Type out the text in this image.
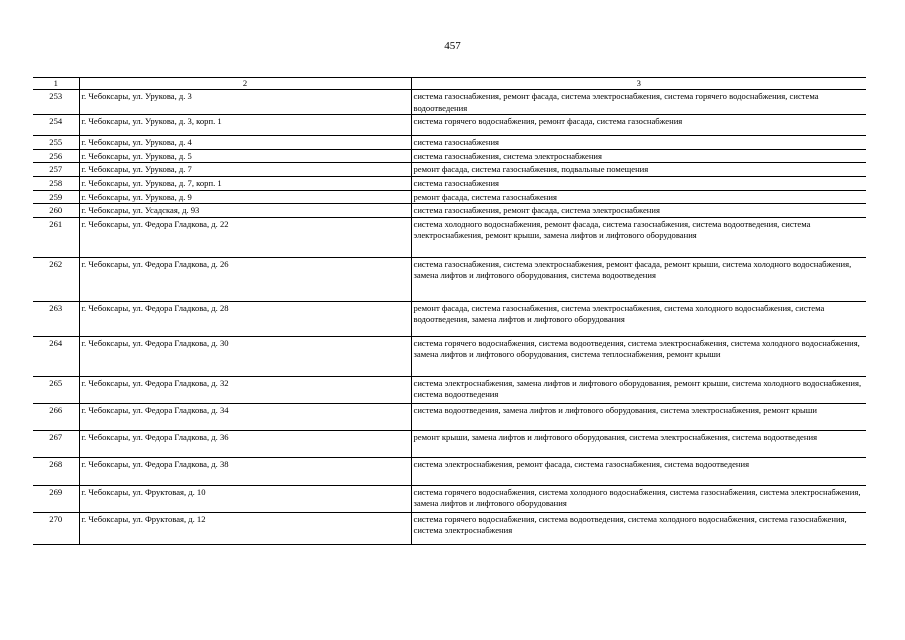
457
1	2	3
253	г. Чебоксары, ул. Урукова, д. 3	система газоснабжения, ремонт фасада, система электроснабжения, система горячего водоснабжения, система водоотведения
254	г. Чебоксары, ул. Урукова, д. 3, корп. 1	система горячего водоснабжения, ремонт фасада, система газоснабжения
255	г. Чебоксары, ул. Урукова, д. 4	система газоснабжения
256	г. Чебоксары, ул. Урукова, д. 5	система газоснабжения, система электроснабжения
257	г. Чебоксары, ул. Урукова, д. 7	ремонт фасада, система газоснабжения, подвальные помещения
258	г. Чебоксары, ул. Урукова, д. 7, корп. 1	система газоснабжения
259	г. Чебоксары, ул. Урукова, д. 9	ремонт фасада, система газоснабжения
260	г. Чебоксары, ул. Усадская, д. 93	система газоснабжения, ремонт фасада, система электроснабжения
261	г. Чебоксары, ул. Федора Гладкова, д. 22	система холодного водоснабжения, ремонт фасада, система газоснабжения, система водоотведения, система электроснабжения, ремонт крыши, замена лифтов и лифтового оборудования
262	г. Чебоксары, ул. Федора Гладкова, д. 26	система газоснабжения, система электроснабжения, ремонт фасада, ремонт крыши, система холодного водоснабжения, замена лифтов и лифтового оборудования, система водоотведения
263	г. Чебоксары, ул. Федора Гладкова, д. 28	ремонт фасада, система газоснабжения, система электроснабжения, система холодного водоснабжения, система водоотведения, замена лифтов и лифтового оборудования
264	г. Чебоксары, ул. Федора Гладкова, д. 30	система горячего водоснабжения, система водоотведения, система электроснабжения, система холодного водоснабжения, замена лифтов и лифтового оборудования, система теплоснабжения, ремонт крыши
265	г. Чебоксары, ул. Федора Гладкова, д. 32	система электроснабжения, замена лифтов и лифтового оборудования, ремонт крыши, система холодного водоснабжения, система водоотведения
266	г. Чебоксары, ул. Федора Гладкова, д. 34	система водоотведения, замена лифтов и лифтового оборудования, система электроснабжения, ремонт крыши
267	г. Чебоксары, ул. Федора Гладкова, д. 36	ремонт крыши, замена лифтов и лифтового оборудования, система электроснабжения, система водоотведения
268	г. Чебоксары, ул. Федора Гладкова, д. 38	система электроснабжения, ремонт фасада, система газоснабжения, система водоотведения
269	г. Чебоксары, ул. Фруктовая, д. 10	система горячего водоснабжения, система холодного водоснабжения, система газоснабжения, система электроснабжения, замена лифтов и лифтового оборудования
270	г. Чебоксары, ул. Фруктовая, д. 12	система горячего водоснабжения, система водоотведения, система холодного водоснабжения, система газоснабжения, система электроснабжения
